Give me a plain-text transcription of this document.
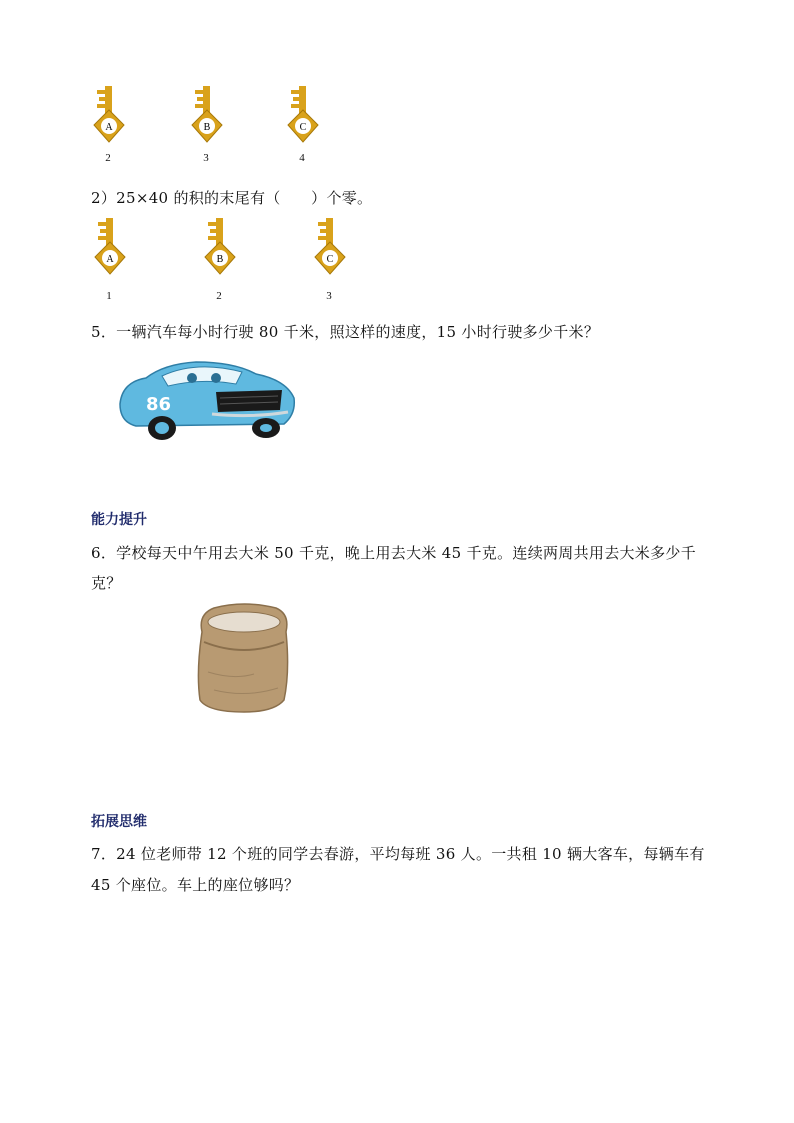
A
2
B
3
C
4
2）25×40 的积的末尾有（　　）个零。
A
1
B
2
C
3
5．一辆汽车每小时行驶 80 千米，照这样的速度，15 小时行驶多少千米？
86
能力提升
6．学校每天中午用去大米 50 千克，晚上用去大米 45 千克。连续两周共用去大米多少千
克？
拓展思维
7．24 位老师带 12 个班的同学去春游，平均每班 36 人。一共租 10 辆大客车，每辆车有
45 个座位。车上的座位够吗？
